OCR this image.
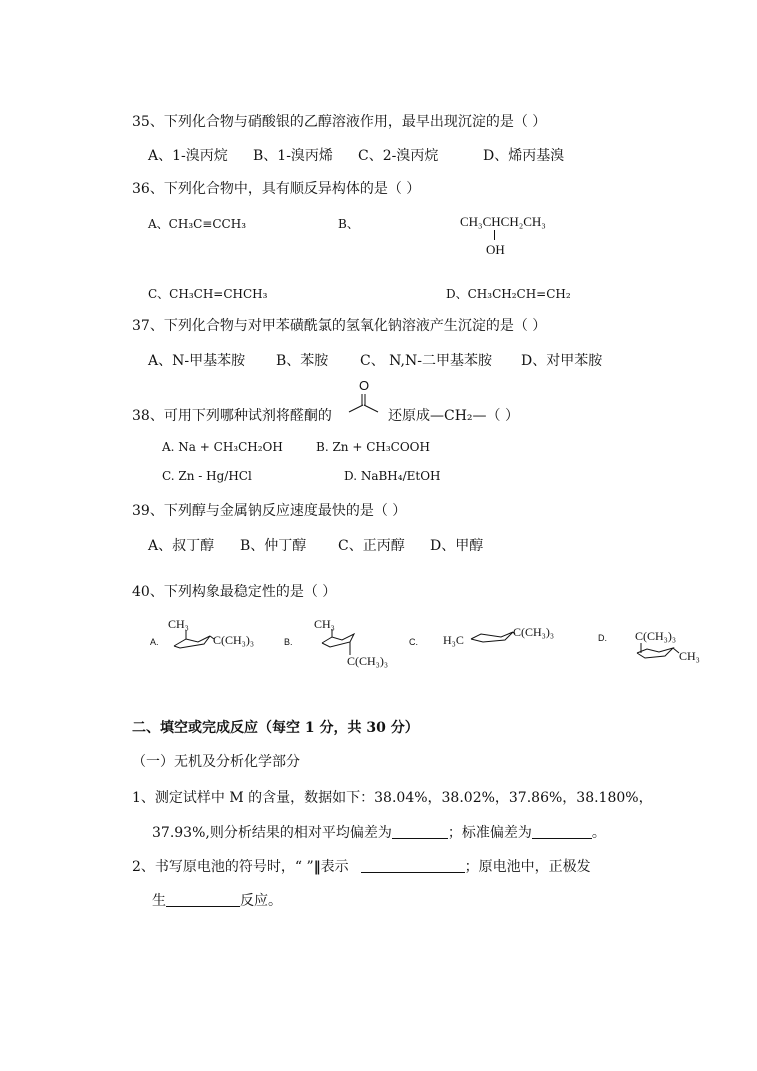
35、下列化合物与硝酸银的乙醇溶液作用，最早出现沉淀的是（ ）
A、1-溴丙烷 B、1-溴丙烯 C、2-溴丙烷	D、烯丙基溴
36、下列化合物中，具有顺反异构体的是（ ）
A、CH₃C≡CCH₃	B、	CH₃CHCH₂CH₃
OH
C、CH₃CH=CHCH₃	D、CH₃CH₂CH=CH₂
37、下列化合物与对甲苯磺酰氯的氢氧化钠溶液产生沉淀的是（ ）
A、N-甲基苯胺 B、苯胺 C、 N,N-二甲基苯胺 D、对甲苯胺
38、可用下列哪种试剂将醛酮的
O
还原成—CH₂—（ ）
A. Na + CH₃CH₂OH	B. Zn + CH₃COOH
C. Zn - Hg/HCl	D. NaBH₄/EtOH
39、下列醇与金属钠反应速度最快的是（ ）
A、叔丁醇 B、仲丁醇 C、正丙醇 D、甲醇
40、下列构象最稳定性的是（ ）
A.
CH₃
C(CH₃)₃	B.
CH₃
C(CH₃)₃
C. H₃C
C(CH₃)₃	D. C(CH₃)₃
CH₃
二、填空或完成反应（每空 1 分，共 30 分）
（一）无机及分析化学部分
1、测定试样中 M 的含量，数据如下：38.04%，38.02%，37.86%，38.180%，
37.93%,则分析结果的相对平均偏差为	；标准偏差为	。
2、书写原电池的符号时，“ ”‖表示	；原电池中，正极发
生	反应。
